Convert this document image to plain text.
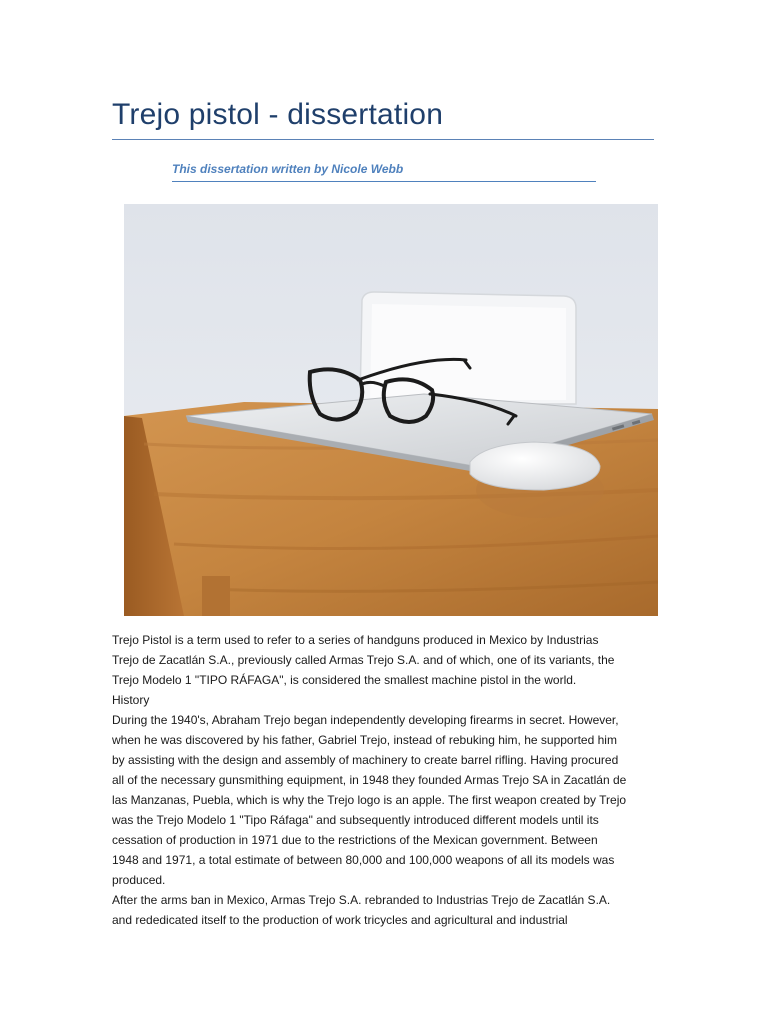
Trejo pistol - dissertation

This dissertation written by Nicole Webb

Trejo Pistol is a term used to refer to a series of handguns produced in Mexico by Industrias

Trejo de Zacatlán S.A., previously called Armas Trejo S.A. and of which, one of its variants, the

Trejo Modelo 1 "TIPO RÁFAGA", is considered the smallest machine pistol in the world.

History

During the 1940's, Abraham Trejo began independently developing firearms in secret. However,

when he was discovered by his father, Gabriel Trejo, instead of rebuking him, he supported him

by assisting with the design and assembly of machinery to create barrel rifling. Having procured

all of the necessary gunsmithing equipment, in 1948 they founded Armas Trejo SA in Zacatlán de

las Manzanas, Puebla, which is why the Trejo logo is an apple. The first weapon created by Trejo

was the Trejo Modelo 1 "Tipo Ráfaga" and subsequently introduced different models until its

cessation of production in 1971 due to the restrictions of the Mexican government. Between

1948 and 1971, a total estimate of between 80,000 and 100,000 weapons of all its models was

produced.

After the arms ban in Mexico, Armas Trejo S.A. rebranded to Industrias Trejo de Zacatlán S.A.

and rededicated itself to the production of work tricycles and agricultural and industrial
